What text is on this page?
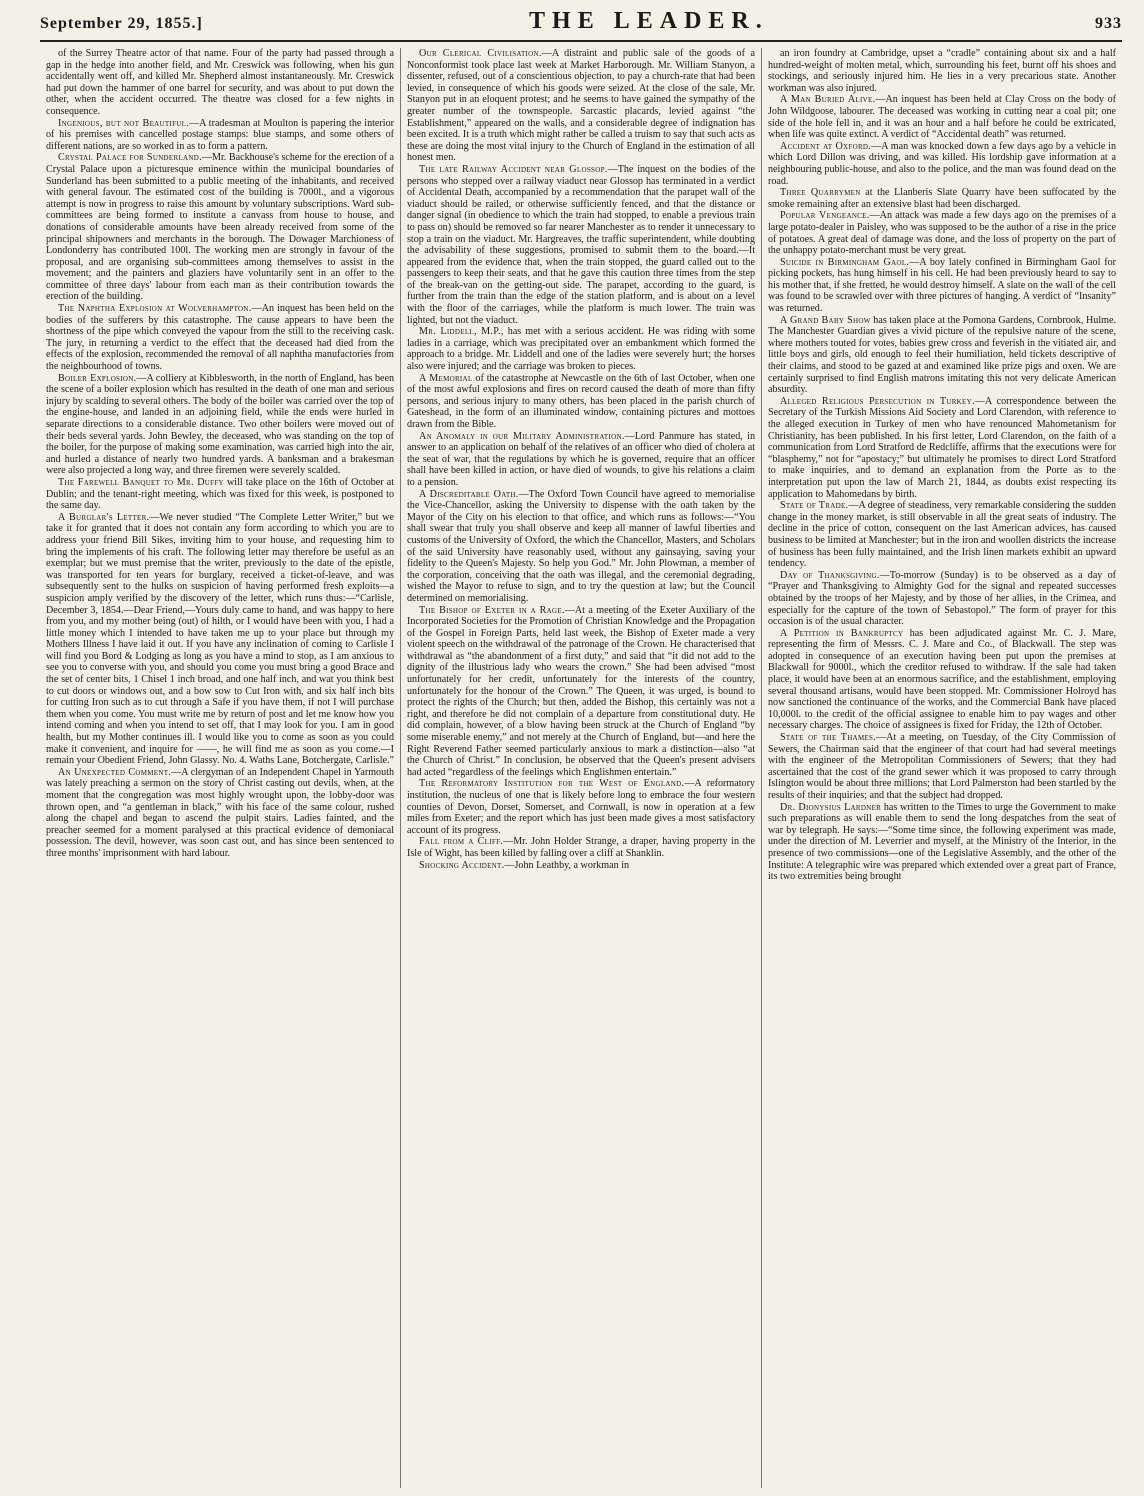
September 29, 1855.]	THE LEADER.	933

of the Surrey Theatre actor of that name. Four of the party had passed through a gap in the hedge into another field, and Mr. Creswick was following, when his gun accidentally went off, and killed Mr. Shepherd almost instantaneously. Mr. Creswick had put down the hammer of one barrel for security, and was about to put down the other, when the accident occurred. The theatre was closed for a few nights in consequence.

Ingenious, but not Beautiful.—A tradesman at Moulton is papering the interior of his premises with cancelled postage stamps: blue stamps, and some others of different nations, are so worked in as to form a pattern.

Crystal Palace for Sunderland.—Mr. Backhouse's scheme for the erection of a Crystal Palace upon a picturesque eminence within the municipal boundaries of Sunderland has been submitted to a public meeting of the inhabitants, and received with general favour. The estimated cost of the building is 7000l., and a vigorous attempt is now in progress to raise this amount by voluntary subscriptions. Ward sub-committees are being formed to institute a canvass from house to house, and donations of considerable amounts have been already received from some of the principal shipowners and merchants in the borough. The Dowager Marchioness of Londonderry has contributed 100l. The working men are strongly in favour of the proposal, and are organising sub-committees among themselves to assist in the movement; and the painters and glaziers have voluntarily sent in an offer to the committee of three days' labour from each man as their contribution towards the erection of the building.

The Naphtha Explosion at Wolverhampton.—An inquest has been held on the bodies of the sufferers by this catastrophe. The cause appears to have been the shortness of the pipe which conveyed the vapour from the still to the receiving cask. The jury, in returning a verdict to the effect that the deceased had died from the effects of the explosion, recommended the removal of all naphtha manufactories from the neighbourhood of towns.

Boiler Explosion.—A colliery at Kibblesworth, in the north of England, has been the scene of a boiler explosion which has resulted in the death of one man and serious injury by scalding to several others. The body of the boiler was carried over the top of the engine-house, and landed in an adjoining field, while the ends were hurled in separate directions to a considerable distance. Two other boilers were moved out of their beds several yards. John Bewley, the deceased, who was standing on the top of the boiler, for the purpose of making some examination, was carried high into the air, and hurled a distance of nearly two hundred yards. A banksman and a brakesman were also projected a long way, and three firemen were severely scalded.

The Farewell Banquet to Mr. Duffy will take place on the 16th of October at Dublin; and the tenant-right meeting, which was fixed for this week, is postponed to the same day.

A Burglar's Letter.—We never studied “The Complete Letter Writer,” but we take it for granted that it does not contain any form according to which you are to address your friend Bill Sikes, inviting him to your house, and requesting him to bring the implements of his craft. The following letter may therefore be useful as an exemplar; but we must premise that the writer, previously to the date of the epistle, was transported for ten years for burglary, received a ticket-of-leave, and was subsequently sent to the hulks on suspicion of having performed fresh exploits—a suspicion amply verified by the discovery of the letter, which runs thus:—“Carlisle, December 3, 1854.—Dear Friend,—Yours duly came to hand, and was happy to here from you, and my mother being (out) of hilth, or I would have been with you, I had a little money which I intended to have taken me up to your place but through my Mothers Illness I have laid it out. If you have any inclination of coming to Carlisle I will find you Bord & Lodging as long as you have a mind to stop, as I am anxious to see you to converse with you, and should you come you must bring a good Brace and the set of center bits, 1 Chisel 1 inch broad, and one half inch, and wat you think best to cut doors or windows out, and a bow sow to Cut Iron with, and six half inch bits for cutting Iron such as to cut through a Safe if you have them, if not I will purchase them when you come. You must write me by return of post and let me know how you intend coming and when you intend to set off, that I may look for you. I am in good health, but my Mother continues ill. I would like you to come as soon as you could make it convenient, and inquire for ——, he will find me as soon as you come.—I remain your Obedient Friend, John Glassy. No. 4. Waths Lane, Botchergate, Carlisle.”

An Unexpected Comment.—A clergyman of an Independent Chapel in Yarmouth was lately preaching a sermon on the story of Christ casting out devils, when, at the moment that the congregation was most highly wrought upon, the lobby-door was thrown open, and “a gentleman in black,” with his face of the same colour, rushed along the chapel and began to ascend the pulpit stairs. Ladies fainted, and the preacher seemed for a moment paralysed at this practical evidence of demoniacal possession. The devil, however, was soon cast out, and has since been sentenced to three months' imprisonment with hard labour.

Our Clerical Civilisation.—A distraint and public sale of the goods of a Nonconformist took place last week at Market Harborough. Mr. William Stanyon, a dissenter, refused, out of a conscientious objection, to pay a church-rate that had been levied, in consequence of which his goods were seized. At the close of the sale, Mr. Stanyon put in an eloquent protest; and he seems to have gained the sympathy of the greater number of the townspeople. Sarcastic placards, levied against “the Establishment,” appeared on the walls, and a considerable degree of indignation has been excited. It is a truth which might rather be called a truism to say that such acts as these are doing the most vital injury to the Church of England in the estimation of all honest men.

The late Railway Accident near Glossop.—The inquest on the bodies of the persons who stepped over a railway viaduct near Glossop has terminated in a verdict of Accidental Death, accompanied by a recommendation that the parapet wall of the viaduct should be railed, or otherwise sufficiently fenced, and that the distance or danger signal (in obedience to which the train had stopped, to enable a previous train to pass on) should be removed so far nearer Manchester as to render it unnecessary to stop a train on the viaduct. Mr. Hargreaves, the traffic superintendent, while doubting the advisability of these suggestions, promised to submit them to the board.—It appeared from the evidence that, when the train stopped, the guard called out to the passengers to keep their seats, and that he gave this caution three times from the step of the break-van on the getting-out side. The parapet, according to the guard, is further from the train than the edge of the station platform, and is about on a level with the floor of the carriages, while the platform is much lower. The train was lighted, but not the viaduct.

Mr. Liddell, M.P., has met with a serious accident. He was riding with some ladies in a carriage, which was precipitated over an embankment which formed the approach to a bridge. Mr. Liddell and one of the ladies were severely hurt; the horses also were injured; and the carriage was broken to pieces.

A Memorial of the catastrophe at Newcastle on the 6th of last October, when one of the most awful explosions and fires on record caused the death of more than fifty persons, and serious injury to many others, has been placed in the parish church of Gateshead, in the form of an illuminated window, containing pictures and mottoes drawn from the Bible.

An Anomaly in our Military Administration.—Lord Panmure has stated, in answer to an application on behalf of the relatives of an officer who died of cholera at the seat of war, that the regulations by which he is governed, require that an officer shall have been killed in action, or have died of wounds, to give his relations a claim to a pension.

A Discreditable Oath.—The Oxford Town Council have agreed to memorialise the Vice-Chancellor, asking the University to dispense with the oath taken by the Mayor of the City on his election to that office, and which runs as follows:—“You shall swear that truly you shall observe and keep all manner of lawful liberties and customs of the University of Oxford, the which the Chancellor, Masters, and Scholars of the said University have reasonably used, without any gainsaying, saving your fidelity to the Queen's Majesty. So help you God.” Mr. John Plowman, a member of the corporation, conceiving that the oath was illegal, and the ceremonial degrading, wished the Mayor to refuse to sign, and to try the question at law; but the Council determined on memorialising.

The Bishop of Exeter in a Rage.—At a meeting of the Exeter Auxiliary of the Incorporated Societies for the Promotion of Christian Knowledge and the Propagation of the Gospel in Foreign Parts, held last week, the Bishop of Exeter made a very violent speech on the withdrawal of the patronage of the Crown. He characterised that withdrawal as “the abandonment of a first duty,” and said that “it did not add to the dignity of the illustrious lady who wears the crown.” She had been advised “most unfortunately for her credit, unfortunately for the interests of the country, unfortunately for the honour of the Crown.” The Queen, it was urged, is bound to protect the rights of the Church; but then, added the Bishop, this certainly was not a right, and therefore he did not complain of a departure from constitutional duty. He did complain, however, of a blow having been struck at the Church of England “by some miserable enemy,” and not merely at the Church of England, but—and here the Right Reverend Father seemed particularly anxious to mark a distinction—also “at the Church of Christ.” In conclusion, he observed that the Queen's present advisers had acted “regardless of the feelings which Englishmen entertain.”

The Reformatory Institution for the West of England.—A reformatory institution, the nucleus of one that is likely before long to embrace the four western counties of Devon, Dorset, Somerset, and Cornwall, is now in operation at a few miles from Exeter; and the report which has just been made gives a most satisfactory account of its progress.

Fall from a Cliff.—Mr. John Holder Strange, a draper, having property in the Isle of Wight, has been killed by falling over a cliff at Shanklin.

Shocking Accident.—John Leathby, a workman in

an iron foundry at Cambridge, upset a “cradle” containing about six and a half hundred-weight of molten metal, which, surrounding his feet, burnt off his shoes and stockings, and seriously injured him. He lies in a very precarious state. Another workman was also injured.

A Man Buried Alive.—An inquest has been held at Clay Cross on the body of John Wildgoose, labourer. The deceased was working in cutting near a coal pit; one side of the hole fell in, and it was an hour and a half before he could be extricated, when life was quite extinct. A verdict of “Accidental death” was returned.

Accident at Oxford.—A man was knocked down a few days ago by a vehicle in which Lord Dillon was driving, and was killed. His lordship gave information at a neighbouring public-house, and also to the police, and the man was found dead on the road.

Three Quarrymen at the Llanberis Slate Quarry have been suffocated by the smoke remaining after an extensive blast had been discharged.

Popular Vengeance.—An attack was made a few days ago on the premises of a large potato-dealer in Paisley, who was supposed to be the author of a rise in the price of potatoes. A great deal of damage was done, and the loss of property on the part of the unhappy potato-merchant must be very great.

Suicide in Birmingham Gaol.—A boy lately confined in Birmingham Gaol for picking pockets, has hung himself in his cell. He had been previously heard to say to his mother that, if she fretted, he would destroy himself. A slate on the wall of the cell was found to be scrawled over with three pictures of hanging. A verdict of “Insanity” was returned.

A Grand Baby Show has taken place at the Pomona Gardens, Cornbrook, Hulme. The Manchester Guardian gives a vivid picture of the repulsive nature of the scene, where mothers touted for votes, babies grew cross and feverish in the vitiated air, and little boys and girls, old enough to feel their humiliation, held tickets descriptive of their claims, and stood to be gazed at and examined like prize pigs and oxen. We are certainly surprised to find English matrons imitating this not very delicate American absurdity.

Alleged Religious Persecution in Turkey.—A correspondence between the Secretary of the Turkish Missions Aid Society and Lord Clarendon, with reference to the alleged execution in Turkey of men who have renounced Mahometanism for Christianity, has been published. In his first letter, Lord Clarendon, on the faith of a communication from Lord Stratford de Redcliffe, affirms that the executions were for “blasphemy,” not for “apostacy;” but ultimately he promises to direct Lord Stratford to make inquiries, and to demand an explanation from the Porte as to the interpretation put upon the law of March 21, 1844, as doubts exist respecting its application to Mahomedans by birth.

State of Trade.—A degree of steadiness, very remarkable considering the sudden change in the money market, is still observable in all the great seats of industry. The decline in the price of cotton, consequent on the last American advices, has caused business to be limited at Manchester; but in the iron and woollen districts the increase of business has been fully maintained, and the Irish linen markets exhibit an upward tendency.

Day of Thanksgiving.—To-morrow (Sunday) is to be observed as a day of “Prayer and Thanksgiving to Almighty God for the signal and repeated successes obtained by the troops of her Majesty, and by those of her allies, in the Crimea, and especially for the capture of the town of Sebastopol.” The form of prayer for this occasion is of the usual character.

A Petition in Bankruptcy has been adjudicated against Mr. C. J. Mare, representing the firm of Messrs. C. J. Mare and Co., of Blackwall. The step was adopted in consequence of an execution having been put upon the premises at Blackwall for 9000l., which the creditor refused to withdraw. If the sale had taken place, it would have been at an enormous sacrifice, and the establishment, employing several thousand artisans, would have been stopped. Mr. Commissioner Holroyd has now sanctioned the continuance of the works, and the Commercial Bank have placed 10,000l. to the credit of the official assignee to enable him to pay wages and other necessary charges. The choice of assignees is fixed for Friday, the 12th of October.

State of the Thames.—At a meeting, on Tuesday, of the City Commission of Sewers, the Chairman said that the engineer of that court had had several meetings with the engineer of the Metropolitan Commissioners of Sewers; that they had ascertained that the cost of the grand sewer which it was proposed to carry through Islington would be about three millions; that Lord Palmerston had been startled by the results of their inquiries; and that the subject had dropped.

Dr. Dionysius Lardner has written to the Times to urge the Government to make such preparations as will enable them to send the long despatches from the seat of war by telegraph. He says:—“Some time since, the following experiment was made, under the direction of M. Leverrier and myself, at the Ministry of the Interior, in the presence of two commissions—one of the Legislative Assembly, and the other of the Institute: A telegraphic wire was prepared which extended over a great part of France, its two extremities being brought
